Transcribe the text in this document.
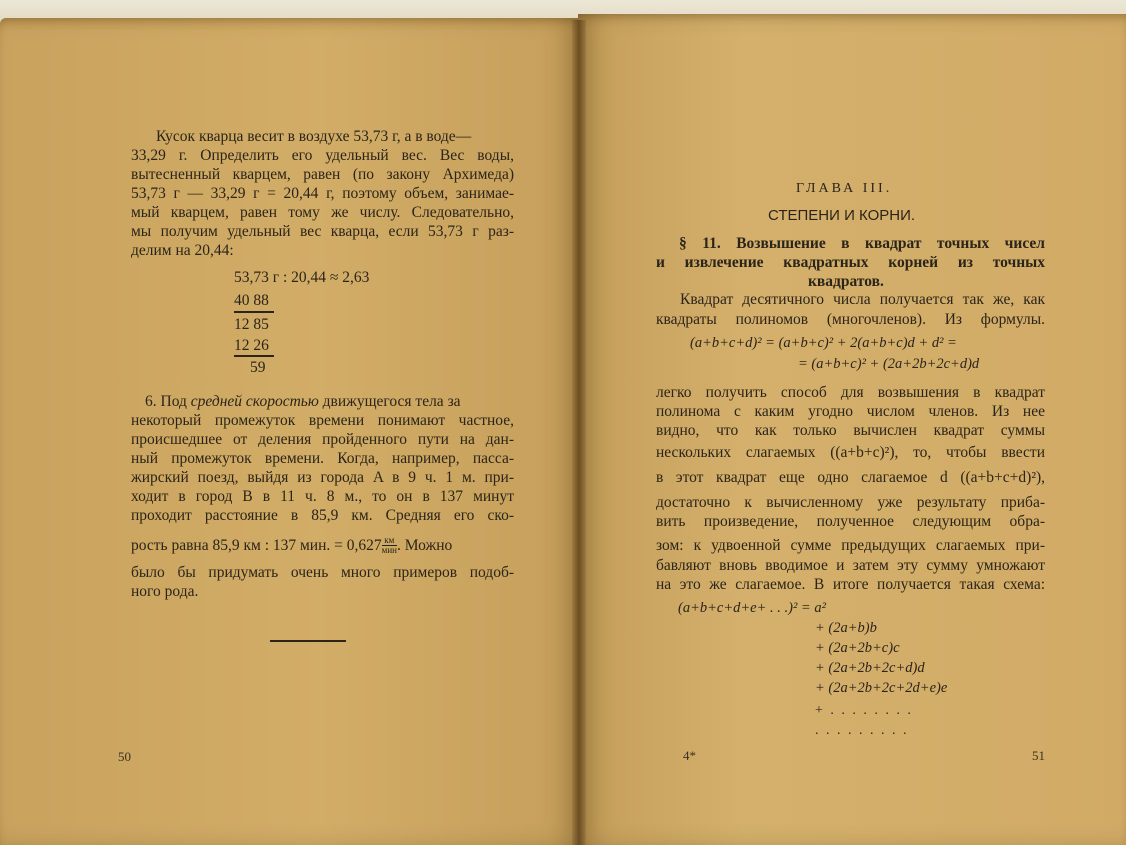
Кусок кварца весит в воздухе 53,73 г, а в воде—
33,29 г. Определить его удельный вес. Вес воды,
вытесненный кварцем, равен (по закону Архимеда)
53,73 г — 33,29 г = 20,44 г, поэтому объем, занимае-
мый кварцем, равен тому же числу. Следовательно,
мы получим удельный вес кварца, если 53,73 г раз-
делим на 20,44:
53,73 г : 20,44 ≈ 2,63
40 88
12 85
12 26
59
6. Под средней скоростью движущегося тела за
некоторый промежуток времени понимают частное,
происшедшее от деления пройденного пути на дан-
ный промежуток времени. Когда, например, пасса-
жирский поезд, выйдя из города A в 9 ч. 1 м. при-
ходит в город B в 11 ч. 8 м., то он в 137 минут
проходит расстояние в 85,9 км. Средняя его ско-
рость равна 85,9 км : 137 мин. = $0,627 \frac{км}{\text{мин}}$ . Можно
было бы придумать очень много примеров подоб-
ного рода.
50
ГЛАВА III.
СТЕПЕНИ И КОРНИ.
§ 11. Возвышение в квадрат точных чисел
и извлечение квадратных корней из точных
квадратов.
Квадрат десятичного числа получается так же, как
квадраты полиномов (многочленов). Из формулы.
(a+b+c+d)² = (a+b+c)² + 2(a+b+c)d + d² =
= (a+b+c)² + (2a+2b+2c+d)d
легко получить способ для возвышения в квадрат
полинома с каким угодно числом членов. Из нее
видно, что как только вычислен квадрат суммы
нескольких слагаемых ((a+b+c)²), то, чтобы ввести
в этот квадрат еще одно слагаемое d ((a+b+c+d)²),
достаточно к вычисленному уже результату приба-
вить произведение, полученное следующим обра-
зом: к удвоенной сумме предыдущих слагаемых при-
бавляют вновь вводимое и затем эту сумму умножают
на это же слагаемое. В итоге получается такая схема:
(a+b+c+d+e+ . . .)² = a²
+ (2a+b)b
+ (2a+2b+c)c
+ (2a+2b+2c+d)d
+ (2a+2b+2c+2d+e)e
+ . . . . . . . .
. . . . . . . . .
4*	51
